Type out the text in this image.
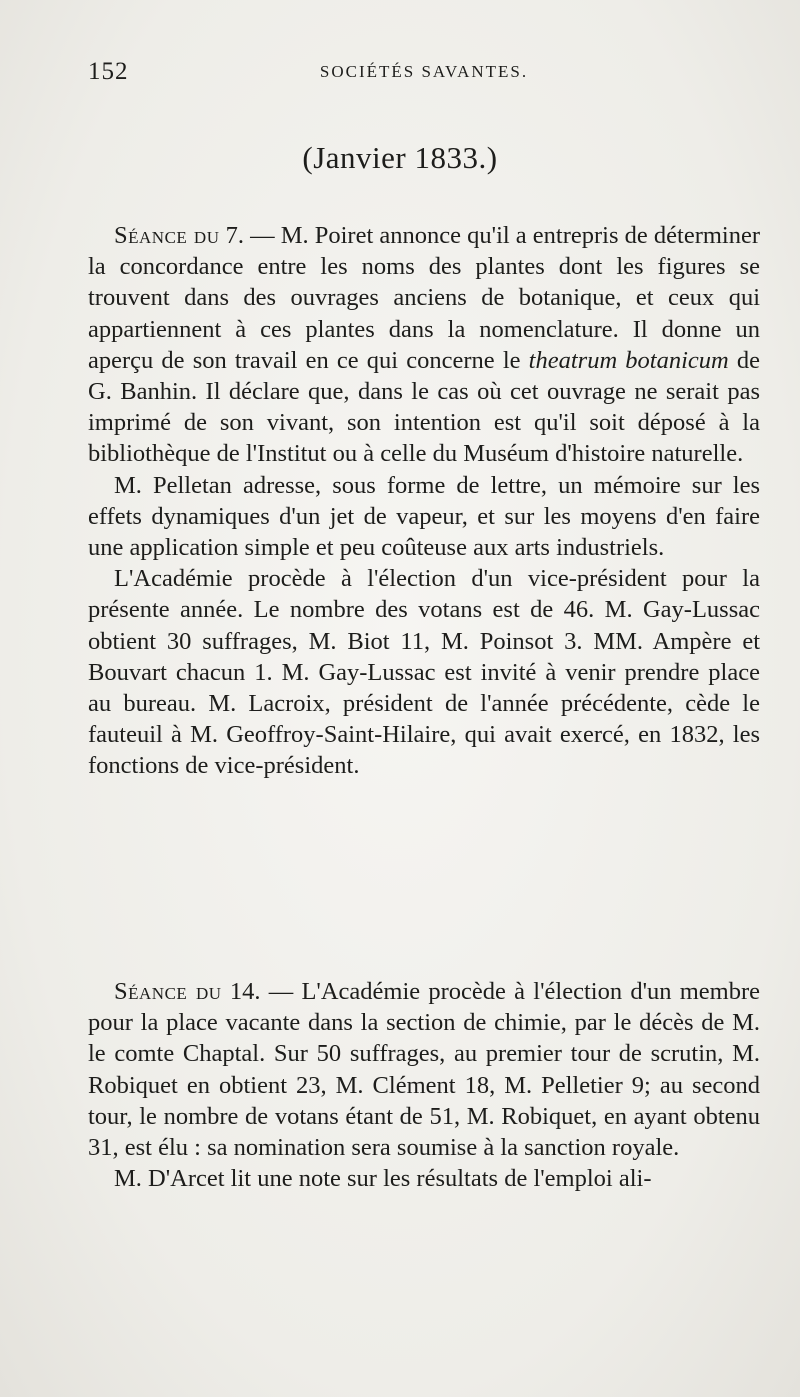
152	SOCIÉTÉS SAVANTES.
(Janvier 1833.)

Séance du 7. — M. Poiret annonce qu'il a entrepris de déterminer la concordance entre les noms des plantes dont les figures se trouvent dans des ouvrages anciens de botanique, et ceux qui appartiennent à ces plantes dans la nomenclature. Il donne un aperçu de son travail en ce qui concerne le theatrum botanicum de G. Banhin. Il déclare que, dans le cas où cet ouvrage ne serait pas imprimé de son vivant, son intention est qu'il soit déposé à la bibliothèque de l'Institut ou à celle du Muséum d'histoire naturelle.

M. Pelletan adresse, sous forme de lettre, un mémoire sur les effets dynamiques d'un jet de vapeur, et sur les moyens d'en faire une application simple et peu coûteuse aux arts industriels.

L'Académie procède à l'élection d'un vice-président pour la présente année. Le nombre des votans est de 46. M. Gay-Lussac obtient 30 suffrages, M. Biot 11, M. Poinsot 3. MM. Ampère et Bouvart chacun 1. M. Gay-Lussac est invité à venir prendre place au bureau. M. Lacroix, président de l'année précédente, cède le fauteuil à M. Geoffroy-Saint-Hilaire, qui avait exercé, en 1832, les fonctions de vice-président.

Séance du 14. — L'Académie procède à l'élection d'un membre pour la place vacante dans la section de chimie, par le décès de M. le comte Chaptal. Sur 50 suffrages, au premier tour de scrutin, M. Robiquet en obtient 23, M. Clément 18, M. Pelletier 9; au second tour, le nombre de votans étant de 51, M. Robiquet, en ayant obtenu 31, est élu : sa nomination sera soumise à la sanction royale.

M. D'Arcet lit une note sur les résultats de l'emploi ali-
